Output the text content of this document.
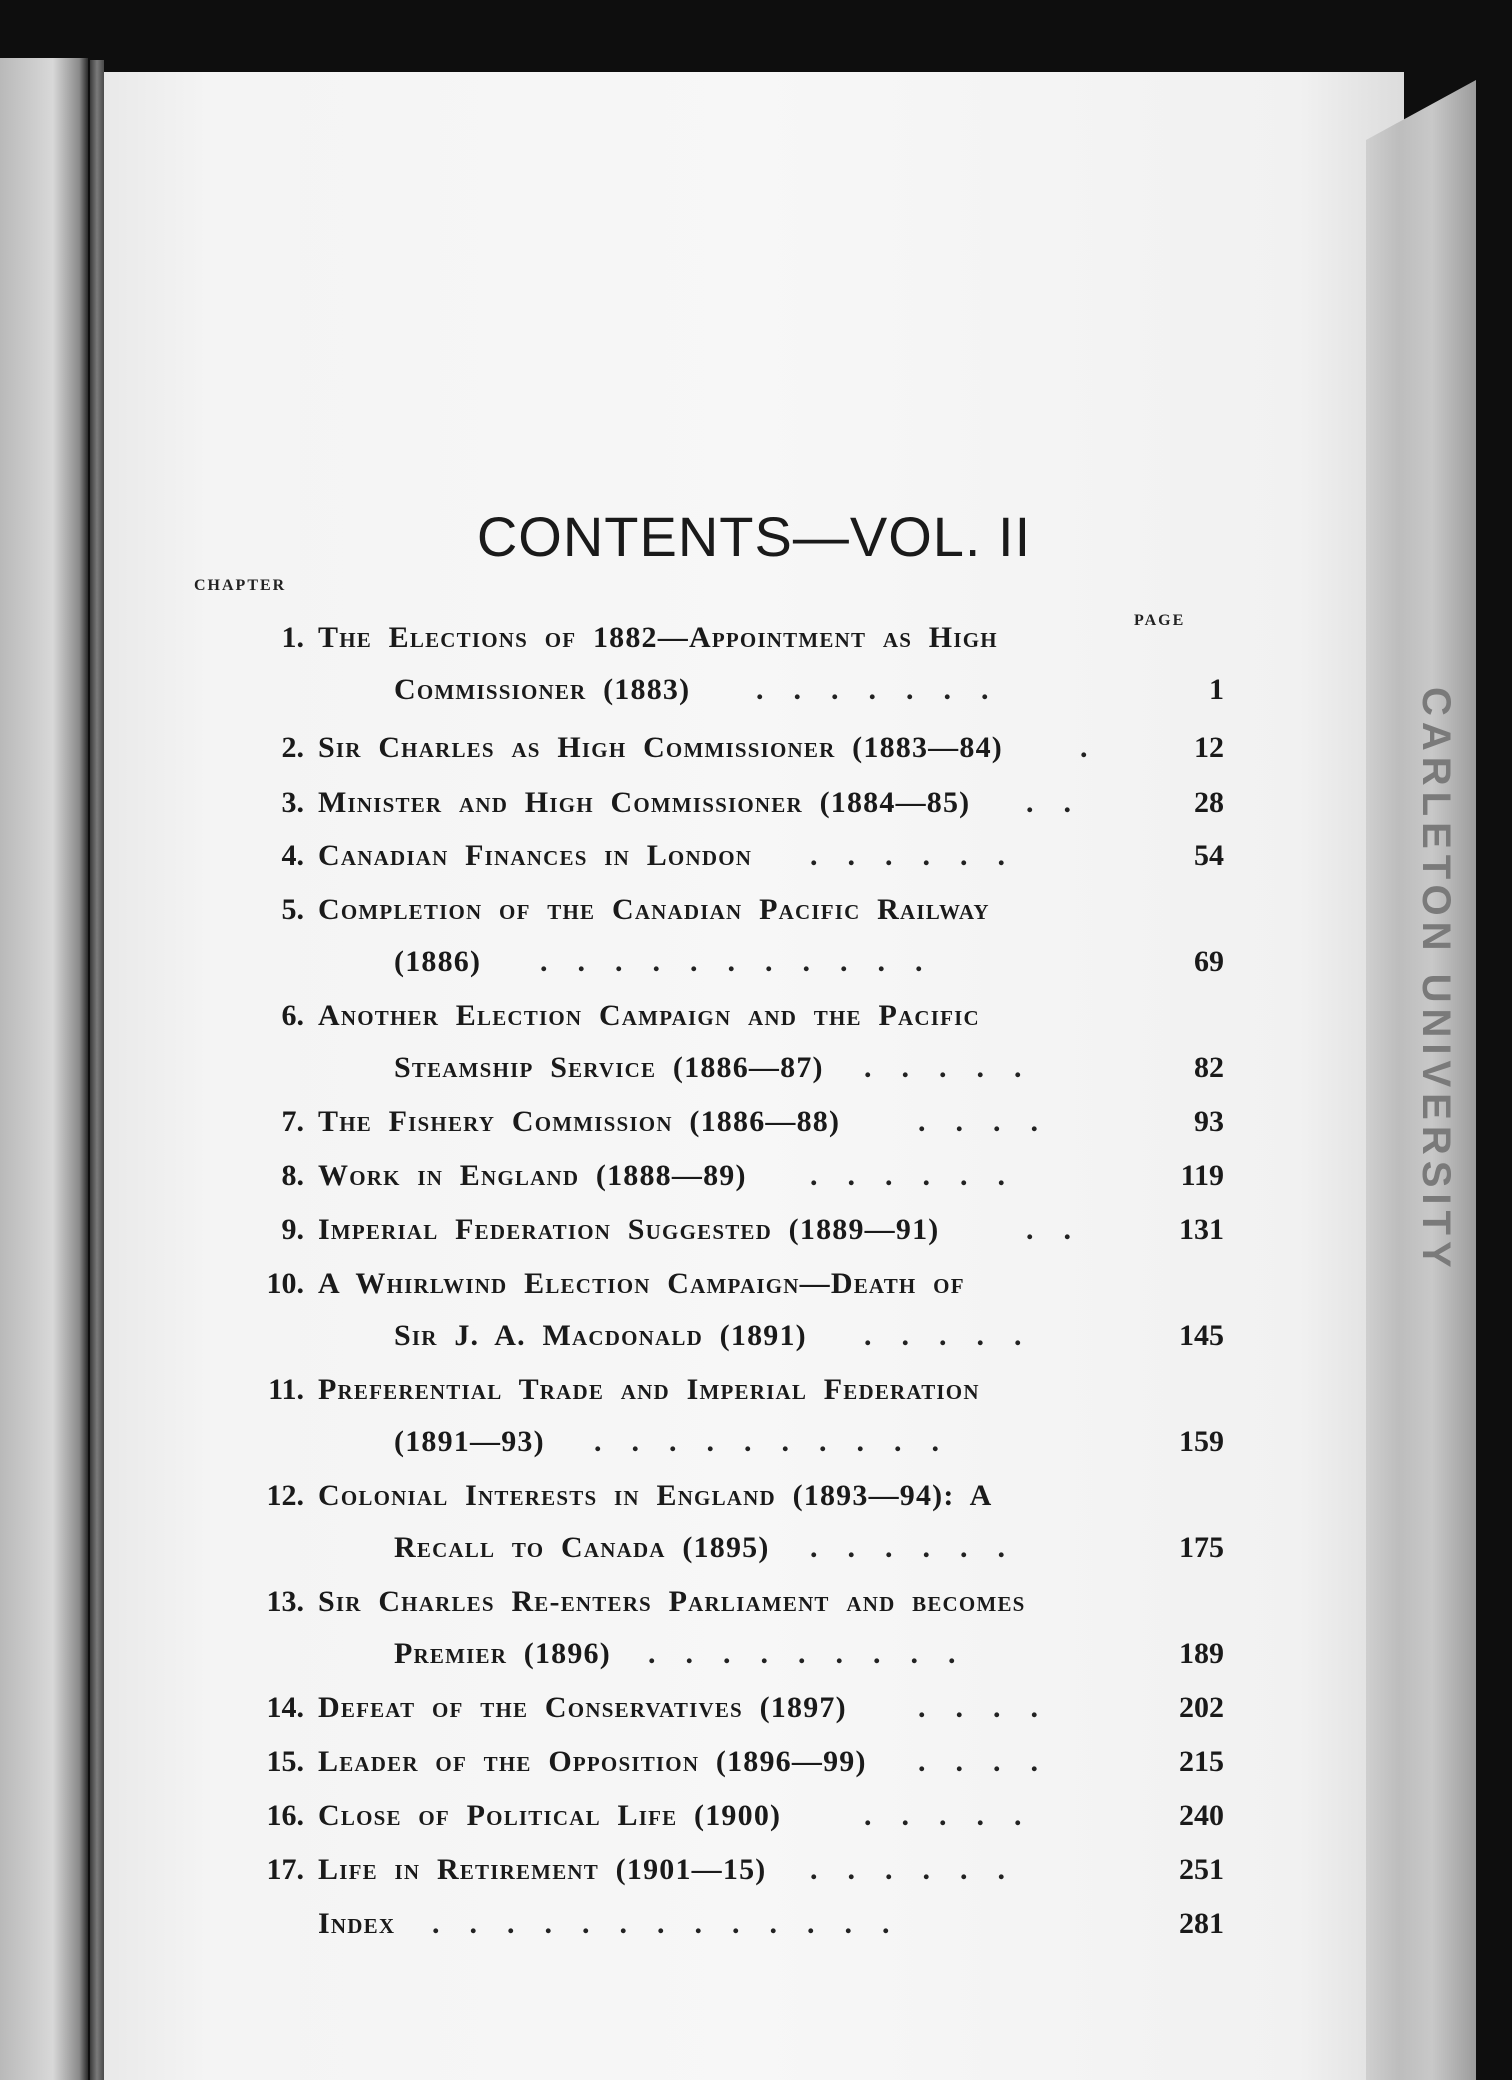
CONTENTS—VOL. II
CHAPTER
PAGE
1. The Elections of 1882—Appointment as High
Commissioner (1883) .......	1
2. Sir Charles as High Commissioner (1883—84)	.	12
3. Minister and High Commissioner (1884—85) ..	28
4. Canadian Finances in London ......	54
5. Completion of the Canadian Pacific Railway
(1886) ...........	69
6. Another Election Campaign and the Pacific
Steamship Service (1886—87) .....	82
7. The Fishery Commission (1886—88)	....	93
8. Work in England (1888—89) ......	119
9. Imperial Federation Suggested (1889—91)	..	131
10. A Whirlwind Election Campaign—Death of
Sir J. A. Macdonald (1891) .....	145
11. Preferential Trade and Imperial Federation
(1891—93) ..........	159
12. Colonial Interests in England (1893—94): A
Recall to Canada (1895) ......	175
13. Sir Charles Re-enters Parliament and becomes
Premier (1896) .........	189
14. Defeat of the Conservatives (1897) ....	202
15. Leader of the Opposition (1896—99) ....	215
16. Close of Political Life (1900)	.....	240
17. Life in Retirement (1901—15) ......	251
Index .............	281
CARLETON UNIVERSITY
